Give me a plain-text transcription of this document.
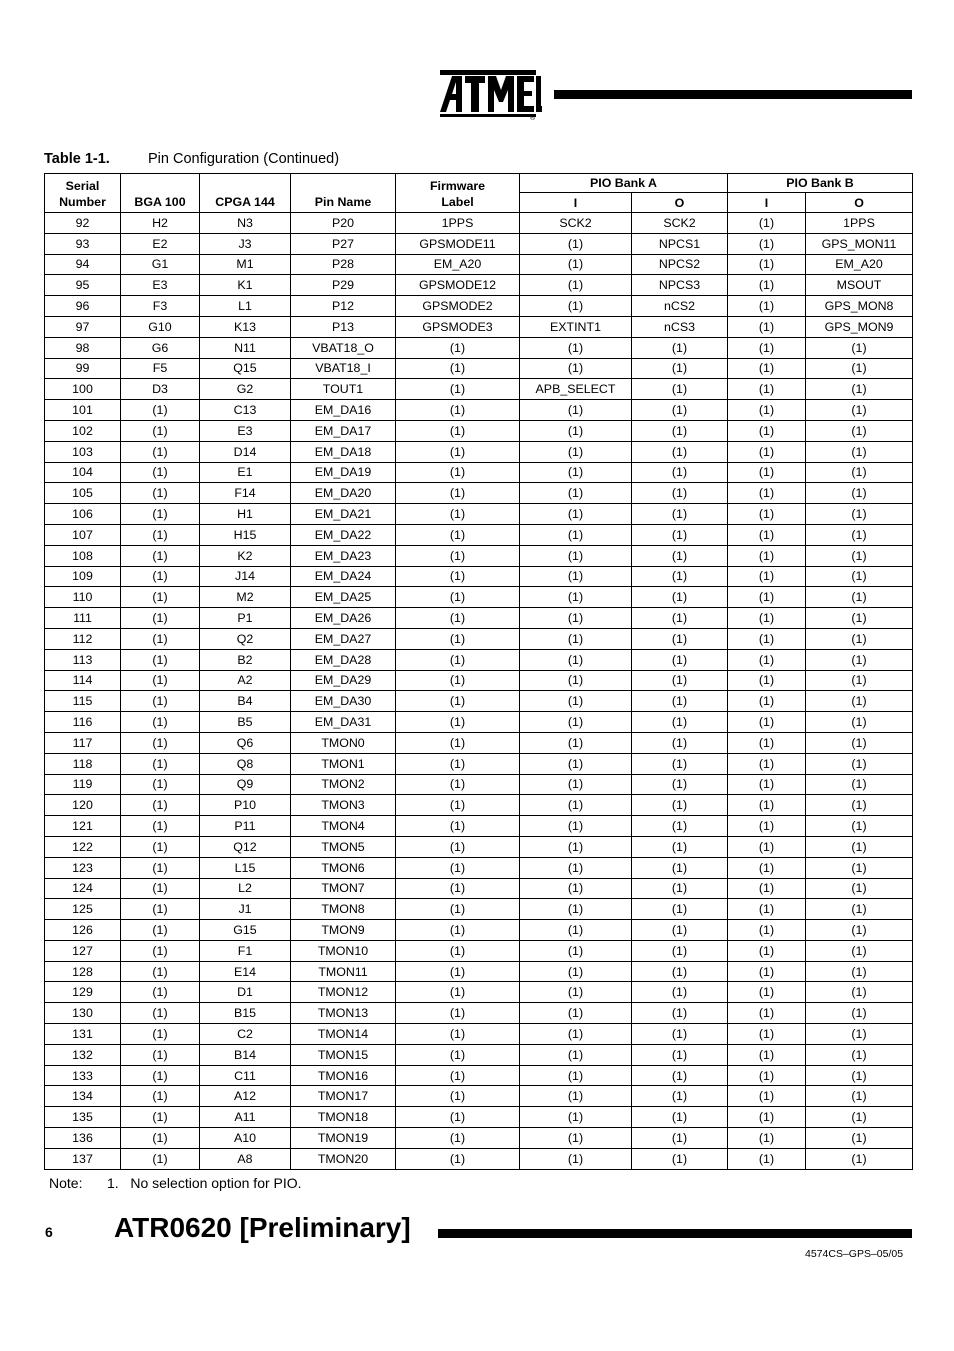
®
Table 1-1.	Pin Configuration (Continued)
Serial
Number	BGA 100	CPGA 144	Pin Name	Firmware
Label	PIO Bank A		PIO Bank B	
					I	O	I	O
92	H2	N3	P20	1PPS	SCK2	SCK2	(1)	1PPS
93	E2	J3	P27	GPSMODE11	(1)	NPCS1	(1)	GPS_MON11
94	G1	M1	P28	EM_A20	(1)	NPCS2	(1)	EM_A20
95	E3	K1	P29	GPSMODE12	(1)	NPCS3	(1)	MSOUT
96	F3	L1	P12	GPSMODE2	(1)	nCS2	(1)	GPS_MON8
97	G10	K13	P13	GPSMODE3	EXTINT1	nCS3	(1)	GPS_MON9
98	G6	N11	VBAT18_O	(1)	(1)	(1)	(1)	(1)
99	F5	Q15	VBAT18_I	(1)	(1)	(1)	(1)	(1)
100	D3	G2	TOUT1	(1)	APB_SELECT	(1)	(1)	(1)
101	(1)	C13	EM_DA16	(1)	(1)	(1)	(1)	(1)
102	(1)	E3	EM_DA17	(1)	(1)	(1)	(1)	(1)
103	(1)	D14	EM_DA18	(1)	(1)	(1)	(1)	(1)
104	(1)	E1	EM_DA19	(1)	(1)	(1)	(1)	(1)
105	(1)	F14	EM_DA20	(1)	(1)	(1)	(1)	(1)
106	(1)	H1	EM_DA21	(1)	(1)	(1)	(1)	(1)
107	(1)	H15	EM_DA22	(1)	(1)	(1)	(1)	(1)
108	(1)	K2	EM_DA23	(1)	(1)	(1)	(1)	(1)
109	(1)	J14	EM_DA24	(1)	(1)	(1)	(1)	(1)
110	(1)	M2	EM_DA25	(1)	(1)	(1)	(1)	(1)
111	(1)	P1	EM_DA26	(1)	(1)	(1)	(1)	(1)
112	(1)	Q2	EM_DA27	(1)	(1)	(1)	(1)	(1)
113	(1)	B2	EM_DA28	(1)	(1)	(1)	(1)	(1)
114	(1)	A2	EM_DA29	(1)	(1)	(1)	(1)	(1)
115	(1)	B4	EM_DA30	(1)	(1)	(1)	(1)	(1)
116	(1)	B5	EM_DA31	(1)	(1)	(1)	(1)	(1)
117	(1)	Q6	TMON0	(1)	(1)	(1)	(1)	(1)
118	(1)	Q8	TMON1	(1)	(1)	(1)	(1)	(1)
119	(1)	Q9	TMON2	(1)	(1)	(1)	(1)	(1)
120	(1)	P10	TMON3	(1)	(1)	(1)	(1)	(1)
121	(1)	P11	TMON4	(1)	(1)	(1)	(1)	(1)
122	(1)	Q12	TMON5	(1)	(1)	(1)	(1)	(1)
123	(1)	L15	TMON6	(1)	(1)	(1)	(1)	(1)
124	(1)	L2	TMON7	(1)	(1)	(1)	(1)	(1)
125	(1)	J1	TMON8	(1)	(1)	(1)	(1)	(1)
126	(1)	G15	TMON9	(1)	(1)	(1)	(1)	(1)
127	(1)	F1	TMON10	(1)	(1)	(1)	(1)	(1)
128	(1)	E14	TMON11	(1)	(1)	(1)	(1)	(1)
129	(1)	D1	TMON12	(1)	(1)	(1)	(1)	(1)
130	(1)	B15	TMON13	(1)	(1)	(1)	(1)	(1)
131	(1)	C2	TMON14	(1)	(1)	(1)	(1)	(1)
132	(1)	B14	TMON15	(1)	(1)	(1)	(1)	(1)
133	(1)	C11	TMON16	(1)	(1)	(1)	(1)	(1)
134	(1)	A12	TMON17	(1)	(1)	(1)	(1)	(1)
135	(1)	A11	TMON18	(1)	(1)	(1)	(1)	(1)
136	(1)	A10	TMON19	(1)	(1)	(1)	(1)	(1)
137	(1)	A8	TMON20	(1)	(1)	(1)	(1)	(1)
Note: 1.   No selection option for PIO.
6 ATR0620 [Preliminary]
4574CS–GPS–05/05
